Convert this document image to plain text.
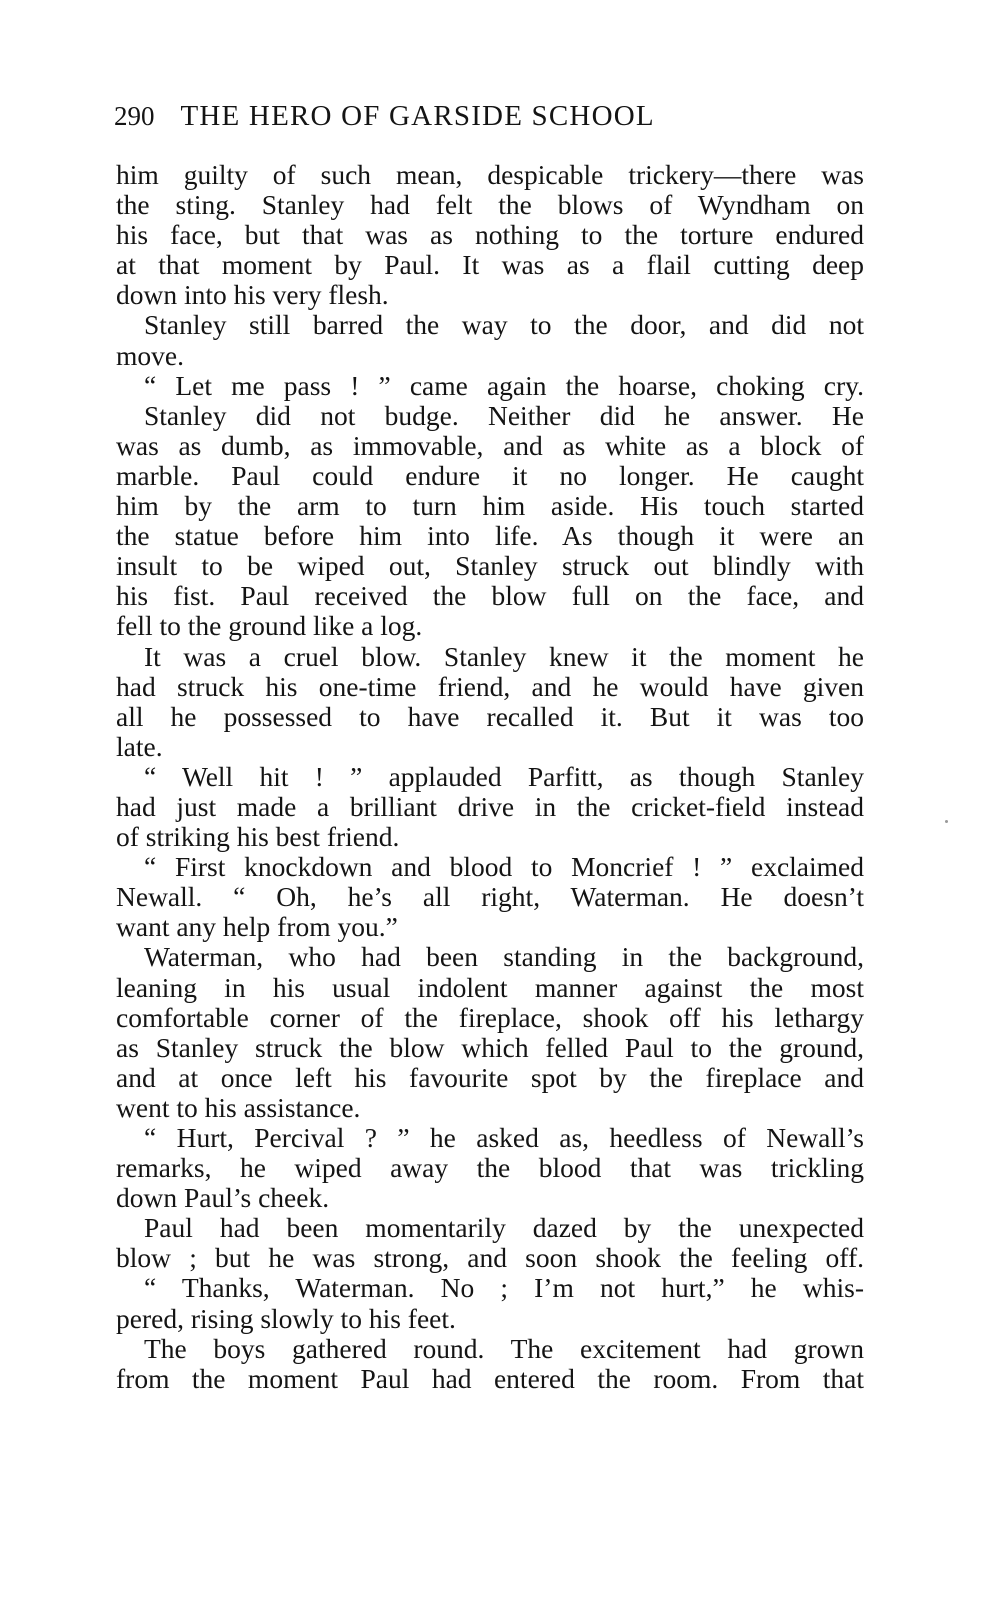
290 THE HERO OF GARSIDE SCHOOL
him guilty of such mean, despicable trickery—there was
the sting. Stanley had felt the blows of Wyndham on
his face, but that was as nothing to the torture endured
at that moment by Paul. It was as a flail cutting deep
down into his very flesh.
Stanley still barred the way to the door, and did not
move.
“ Let me pass ! ” came again the hoarse, choking cry.
Stanley did not budge. Neither did he answer. He
was as dumb, as immovable, and as white as a block of
marble. Paul could endure it no longer. He caught
him by the arm to turn him aside. His touch started
the statue before him into life. As though it were an
insult to be wiped out, Stanley struck out blindly with
his fist. Paul received the blow full on the face, and
fell to the ground like a log.
It was a cruel blow. Stanley knew it the moment he
had struck his one-time friend, and he would have given
all he possessed to have recalled it. But it was too
late.
“ Well hit ! ” applauded Parfitt, as though Stanley
had just made a brilliant drive in the cricket-field instead
of striking his best friend.
“ First knockdown and blood to Moncrief ! ” exclaimed
Newall. “ Oh, he’s all right, Waterman. He doesn’t
want any help from you.”
Waterman, who had been standing in the background,
leaning in his usual indolent manner against the most
comfortable corner of the fireplace, shook off his lethargy
as Stanley struck the blow which felled Paul to the ground,
and at once left his favourite spot by the fireplace and
went to his assistance.
“ Hurt, Percival ? ” he asked as, heedless of Newall’s
remarks, he wiped away the blood that was trickling
down Paul’s cheek.
Paul had been momentarily dazed by the unexpected
blow ; but he was strong, and soon shook the feeling off.
“ Thanks, Waterman. No ; I’m not hurt,” he whis-
pered, rising slowly to his feet.
The boys gathered round. The excitement had grown
from the moment Paul had entered the room. From that
